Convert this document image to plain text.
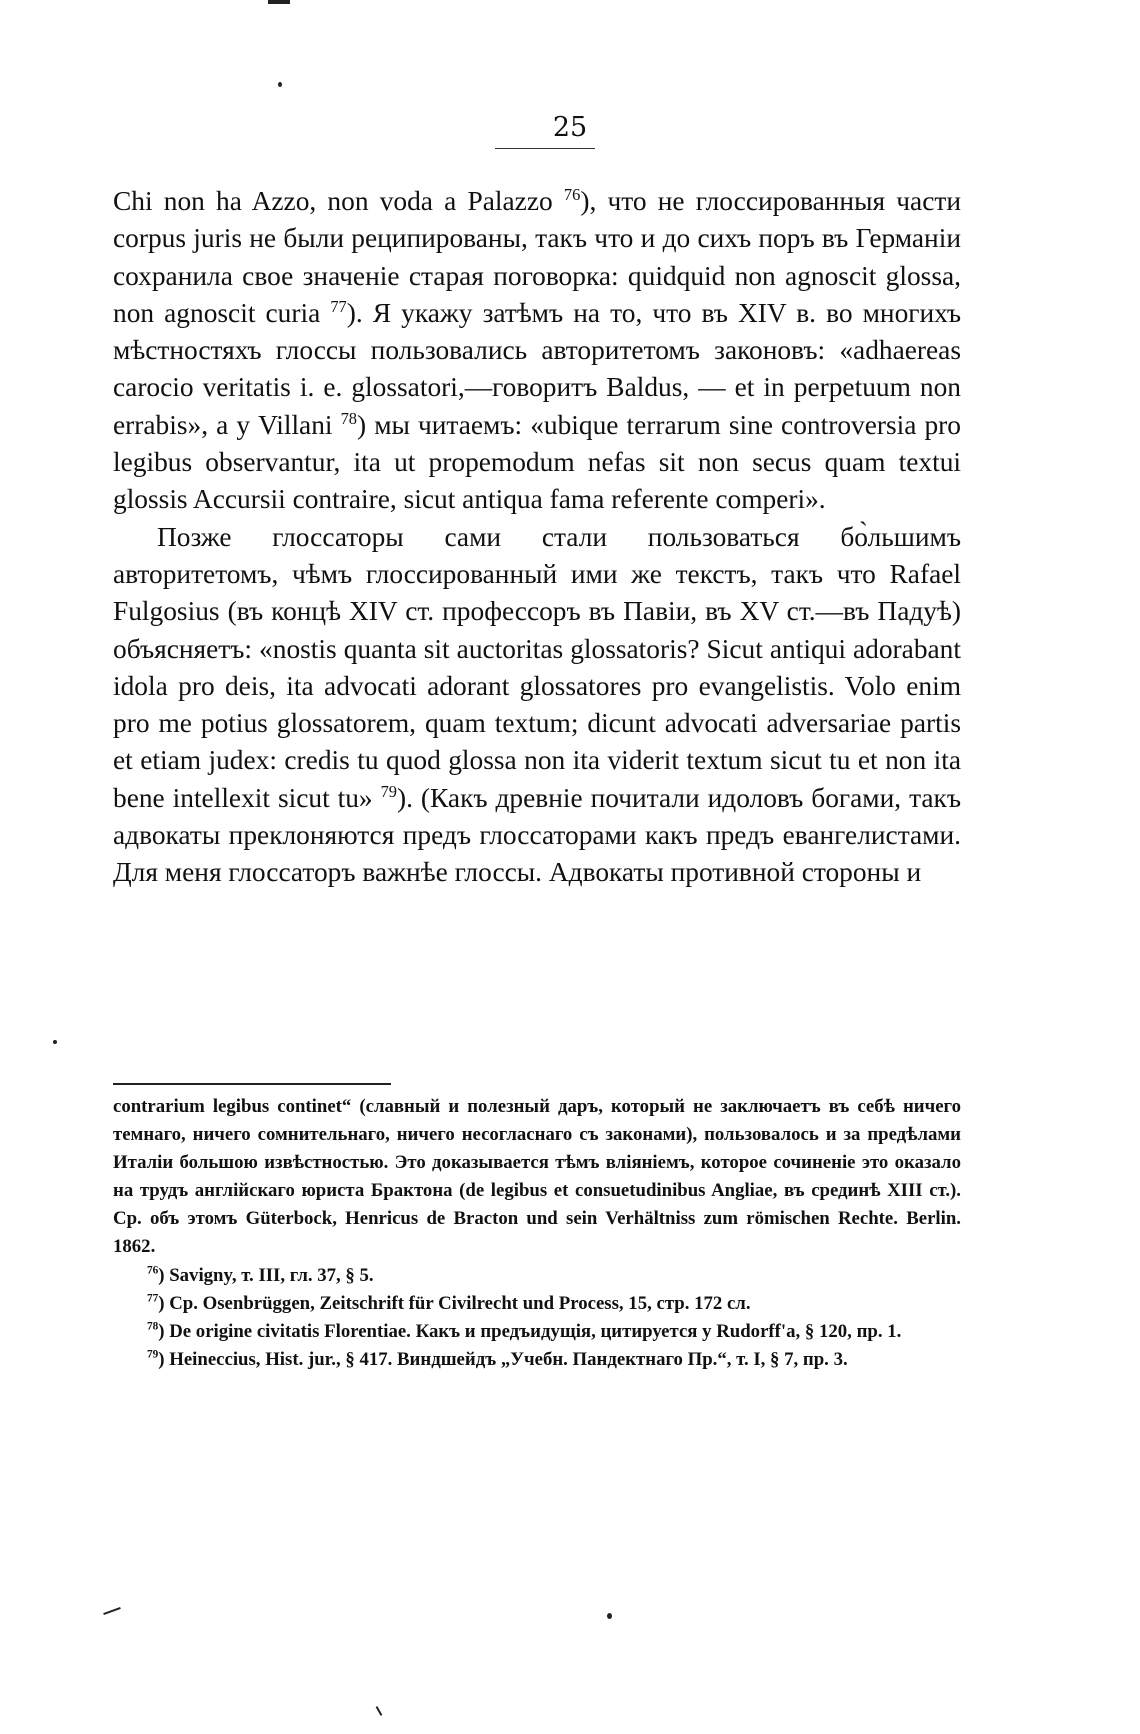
25

Chi non ha Azzo, non voda a Palazzo $^{76}$), что не глоссированныя части corpus juris не были реципированы, такъ что и до сихъ поръ въ Германіи сохранила свое значеніе старая поговорка: quidquid non agnoscit glossa, non agnoscit curia $^{77}$). Я укажу затѣмъ на то, что въ XIV в. во многихъ мѣстностяхъ глоссы пользовались авторитетомъ законовъ: «adhaereas carocio veritatis i. e. glossatori,—говоритъ Baldus, — et in perpetuum non errabis», а у Villani $^{78}$) мы читаемъ: «ubique terrarum sine controversia pro legibus observantur, ita ut propemodum nefas sit non secus quam textui glossis Accursii contraire, sicut antiqua fama referente comperi».

Позже глоссаторы сами стали пользоваться бо̀льшимъ авторитетомъ, чѣмъ глоссированный ими же текстъ, такъ что Rafael Fulgosius (въ концѣ XIV ст. профессоръ въ Павіи, въ XV ст.—въ Падуѣ) объясняетъ: «nostis quanta sit auctoritas glossatoris? Sicut antiqui adorabant idola pro deis, ita advocati adorant glossatores pro evangelistis. Volo enim pro me potius glossatorem, quam textum; dicunt advocati adversariae partis et etiam judex: credis tu quod glossa non ita viderit textum sicut tu et non ita bene intellexit sicut tu» $^{79}$). (Какъ древніе почитали идоловъ богами, такъ адвокаты преклоняются предъ глоссаторами какъ предъ евангелистами. Для меня глоссаторъ важнѣе глоссы. Адвокаты противной стороны и

contrarium legibus continet“ (славный и полезный даръ, который не заключаетъ въ себѣ ничего темнаго, ничего сомнительнаго, ничего несогласнаго съ законами), пользовалось и за предѣлами Италіи большою извѣстностью. Это доказывается тѣмъ вліяніемъ, которое сочиненіе это оказало на трудъ англійскаго юриста Брактона (de legibus et consuetudinibus Angliae, въ срединѣ XIII ст.). Ср. объ этомъ Güterbock, Henricus de Bracton und sein Verhältniss zum römischen Rechte. Berlin. 1862.

$^{76}$) Savigny, т. III, гл. 37, § 5.

$^{77}$) Cp. Osenbrüggen, Zeitschrift für Civilrecht und Process, 15, стр. 172 сл.

$^{78}$) De origine civitatis Florentiae. Какъ и предъидущія, цитируется у Rudorff'a, § 120, пр. 1.

$^{79}$) Heineccius, Hist. jur., § 417. Виндшейдъ „Учебн. Пандектнаго Пр.“, т. I, § 7, пр. 3.
